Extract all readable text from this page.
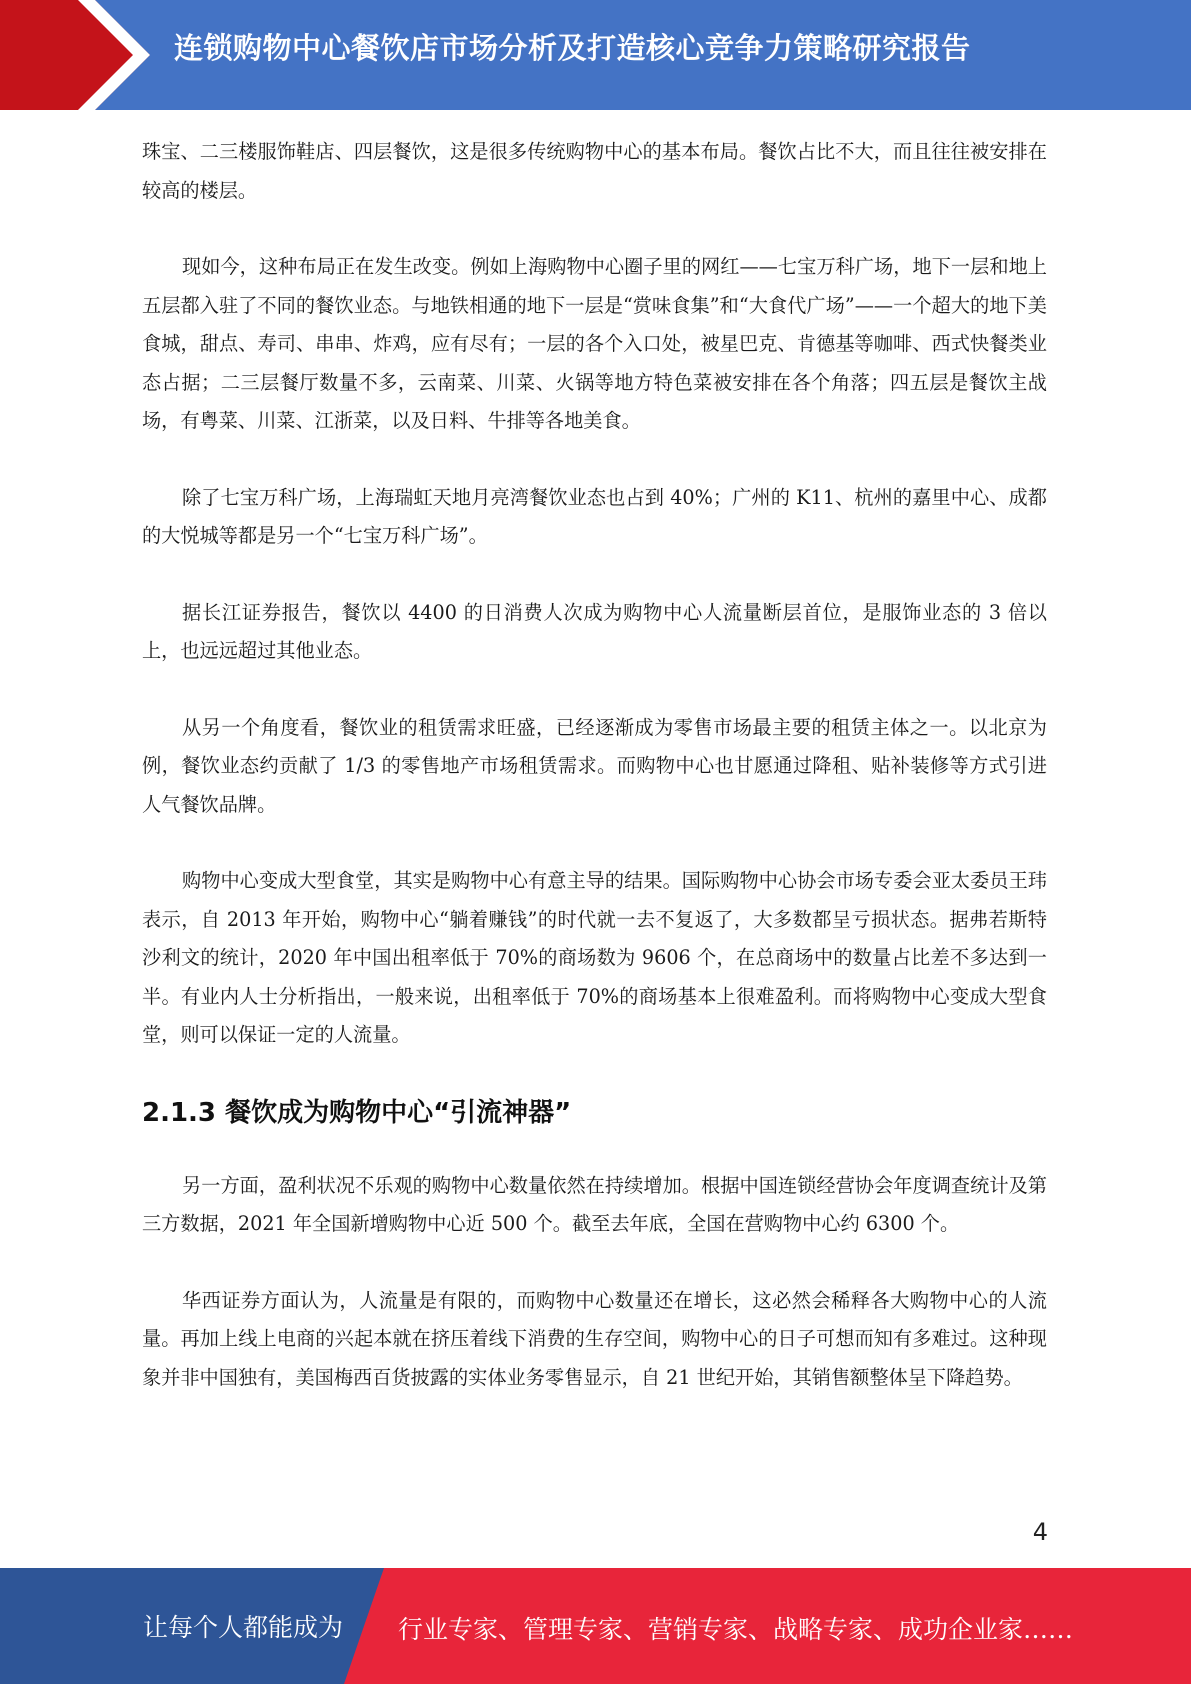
连锁购物中心餐饮店市场分析及打造核心竞争力策略研究报告

珠宝、二三楼服饰鞋店、四层餐饮，这是很多传统购物中心的基本布局。餐饮占比不大，而且往往被安排在较高的楼层。

现如今，这种布局正在发生改变。例如上海购物中心圈子里的网红——七宝万科广场，地下一层和地上五层都入驻了不同的餐饮业态。与地铁相通的地下一层是“赏味食集”和“大食代广场”——一个超大的地下美食城，甜点、寿司、串串、炸鸡，应有尽有；一层的各个入口处，被星巴克、肯德基等咖啡、西式快餐类业态占据；二三层餐厅数量不多，云南菜、川菜、火锅等地方特色菜被安排在各个角落；四五层是餐饮主战场，有粤菜、川菜、江浙菜，以及日料、牛排等各地美食。

除了七宝万科广场，上海瑞虹天地月亮湾餐饮业态也占到 40%；广州的 K11、杭州的嘉里中心、成都的大悦城等都是另一个“七宝万科广场”。

据长江证券报告，餐饮以 4400 的日消费人次成为购物中心人流量断层首位，是服饰业态的 3 倍以上，也远远超过其他业态。

从另一个角度看，餐饮业的租赁需求旺盛，已经逐渐成为零售市场最主要的租赁主体之一。以北京为例，餐饮业态约贡献了 1/3 的零售地产市场租赁需求。而购物中心也甘愿通过降租、贴补装修等方式引进人气餐饮品牌。

购物中心变成大型食堂，其实是购物中心有意主导的结果。国际购物中心协会市场专委会亚太委员王玮表示，自 2013 年开始，购物中心“躺着赚钱”的时代就一去不复返了，大多数都呈亏损状态。据弗若斯特沙利文的统计，2020 年中国出租率低于 70%的商场数为 9606 个，在总商场中的数量占比差不多达到一半。有业内人士分析指出，一般来说，出租率低于 70%的商场基本上很难盈利。而将购物中心变成大型食堂，则可以保证一定的人流量。

2.1.3 餐饮成为购物中心“引流神器”

另一方面，盈利状况不乐观的购物中心数量依然在持续增加。根据中国连锁经营协会年度调查统计及第三方数据，2021 年全国新增购物中心近 500 个。截至去年底，全国在营购物中心约 6300 个。

华西证券方面认为，人流量是有限的，而购物中心数量还在增长，这必然会稀释各大购物中心的人流量。再加上线上电商的兴起本就在挤压着线下消费的生存空间，购物中心的日子可想而知有多难过。这种现象并非中国独有，美国梅西百货披露的实体业务零售显示，自 21 世纪开始，其销售额整体呈下降趋势。

4
让每个人都能成为 行业专家、管理专家、营销专家、战略专家、成功企业家……
